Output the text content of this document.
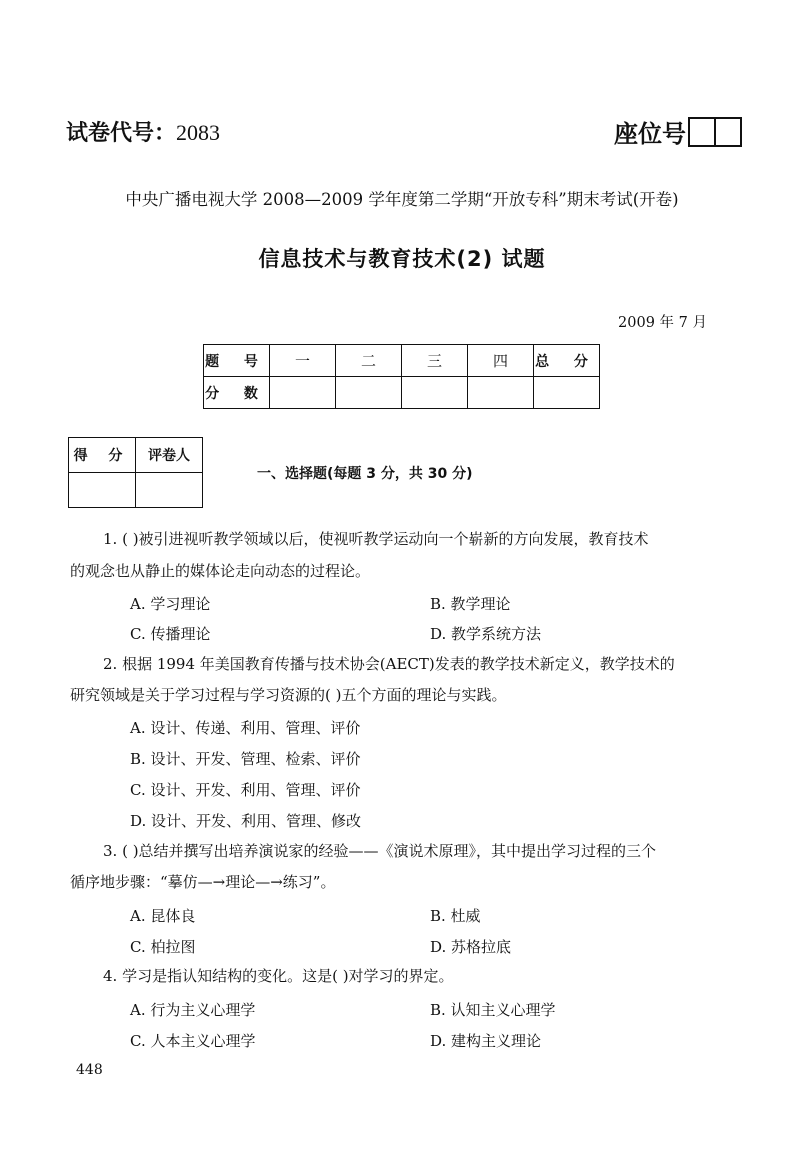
试卷代号：2083	座位号
中央广播电视大学 2008—2009 学年度第二学期“开放专科”期末考试(开卷)
信息技术与教育技术(2) 试题
2009 年 7 月
题 号	一	二	三	四	总 分
分 数					
得 分	评卷人

一、选择题(每题 3 分，共 30 分)
1. ( )被引进视听教学领域以后，使视听教学运动向一个崭新的方向发展，教育技术
的观念也从静止的媒体论走向动态的过程论。
A. 学习理论	B. 教学理论
C. 传播理论	D. 教学系统方法
2. 根据 1994 年美国教育传播与技术协会(AECT)发表的教学技术新定义，教学技术的
研究领域是关于学习过程与学习资源的( )五个方面的理论与实践。
A. 设计、传递、利用、管理、评价
B. 设计、开发、管理、检索、评价
C. 设计、开发、利用、管理、评价
D. 设计、开发、利用、管理、修改
3. ( )总结并撰写出培养演说家的经验——《演说术原理》，其中提出学习过程的三个
循序地步骤：“摹仿—→理论—→练习”。
A. 昆体良	B. 杜威
C. 柏拉图	D. 苏格拉底
4. 学习是指认知结构的变化。这是( )对学习的界定。
A. 行为主义心理学	B. 认知主义心理学
C. 人本主义心理学	D. 建构主义理论
448
